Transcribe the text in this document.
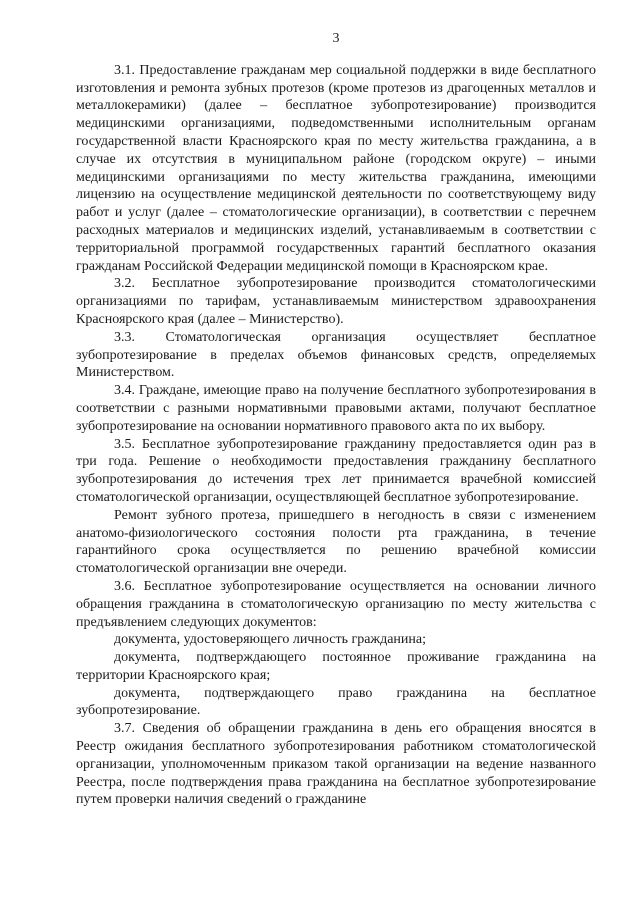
3

3.1. Предоставление гражданам мер социальной поддержки в виде бесплатного изготовления и ремонта зубных протезов (кроме протезов из драгоценных металлов и металлокерамики) (далее – бесплатное зубопротезирование) производится медицинскими организациями, подведомственными исполнительным органам государственной власти Красноярского края по месту жительства гражданина, а в случае их отсутствия в муниципальном районе (городском округе) – иными медицинскими организациями по месту жительства гражданина, имеющими лицензию на осуществление медицинской деятельности по соответствующему виду работ и услуг (далее – стоматологические организации), в соответствии с перечнем расходных материалов и медицинских изделий, устанавливаемым в соответствии с территориальной программой государственных гарантий бесплатного оказания гражданам Российской Федерации медицинской помощи в Красноярском крае.

3.2. Бесплатное зубопротезирование производится стоматологическими организациями по тарифам, устанавливаемым министерством здравоохранения Красноярского края (далее – Министерство).

3.3. Стоматологическая организация осуществляет бесплатное зубопротезирование в пределах объемов финансовых средств, определяемых Министерством.

3.4. Граждане, имеющие право на получение бесплатного зубопротезирования в соответствии с разными нормативными правовыми актами, получают бесплатное зубопротезирование на основании нормативного правового акта по их выбору.

3.5. Бесплатное зубопротезирование гражданину предоставляется один раз в три года. Решение о необходимости предоставления гражданину бесплатного зубопротезирования до истечения трех лет принимается врачебной комиссией стоматологической организации, осуществляющей бесплатное зубопротезирование.

Ремонт зубного протеза, пришедшего в негодность в связи с изменением анатомо-физиологического состояния полости рта гражданина, в течение гарантийного срока осуществляется по решению врачебной комиссии стоматологической организации вне очереди.

3.6. Бесплатное зубопротезирование осуществляется на основании личного обращения гражданина в стоматологическую организацию по месту жительства с предъявлением следующих документов:

документа, удостоверяющего личность гражданина;

документа, подтверждающего постоянное проживание гражданина на территории Красноярского края;

документа, подтверждающего право гражданина на бесплатное зубопротезирование.

3.7. Сведения об обращении гражданина в день его обращения вносятся в Реестр ожидания бесплатного зубопротезирования работником стоматологической организации, уполномоченным приказом такой организации на ведение названного Реестра, после подтверждения права гражданина на бесплатное зубопротезирование путем проверки наличия сведений о гражданине
